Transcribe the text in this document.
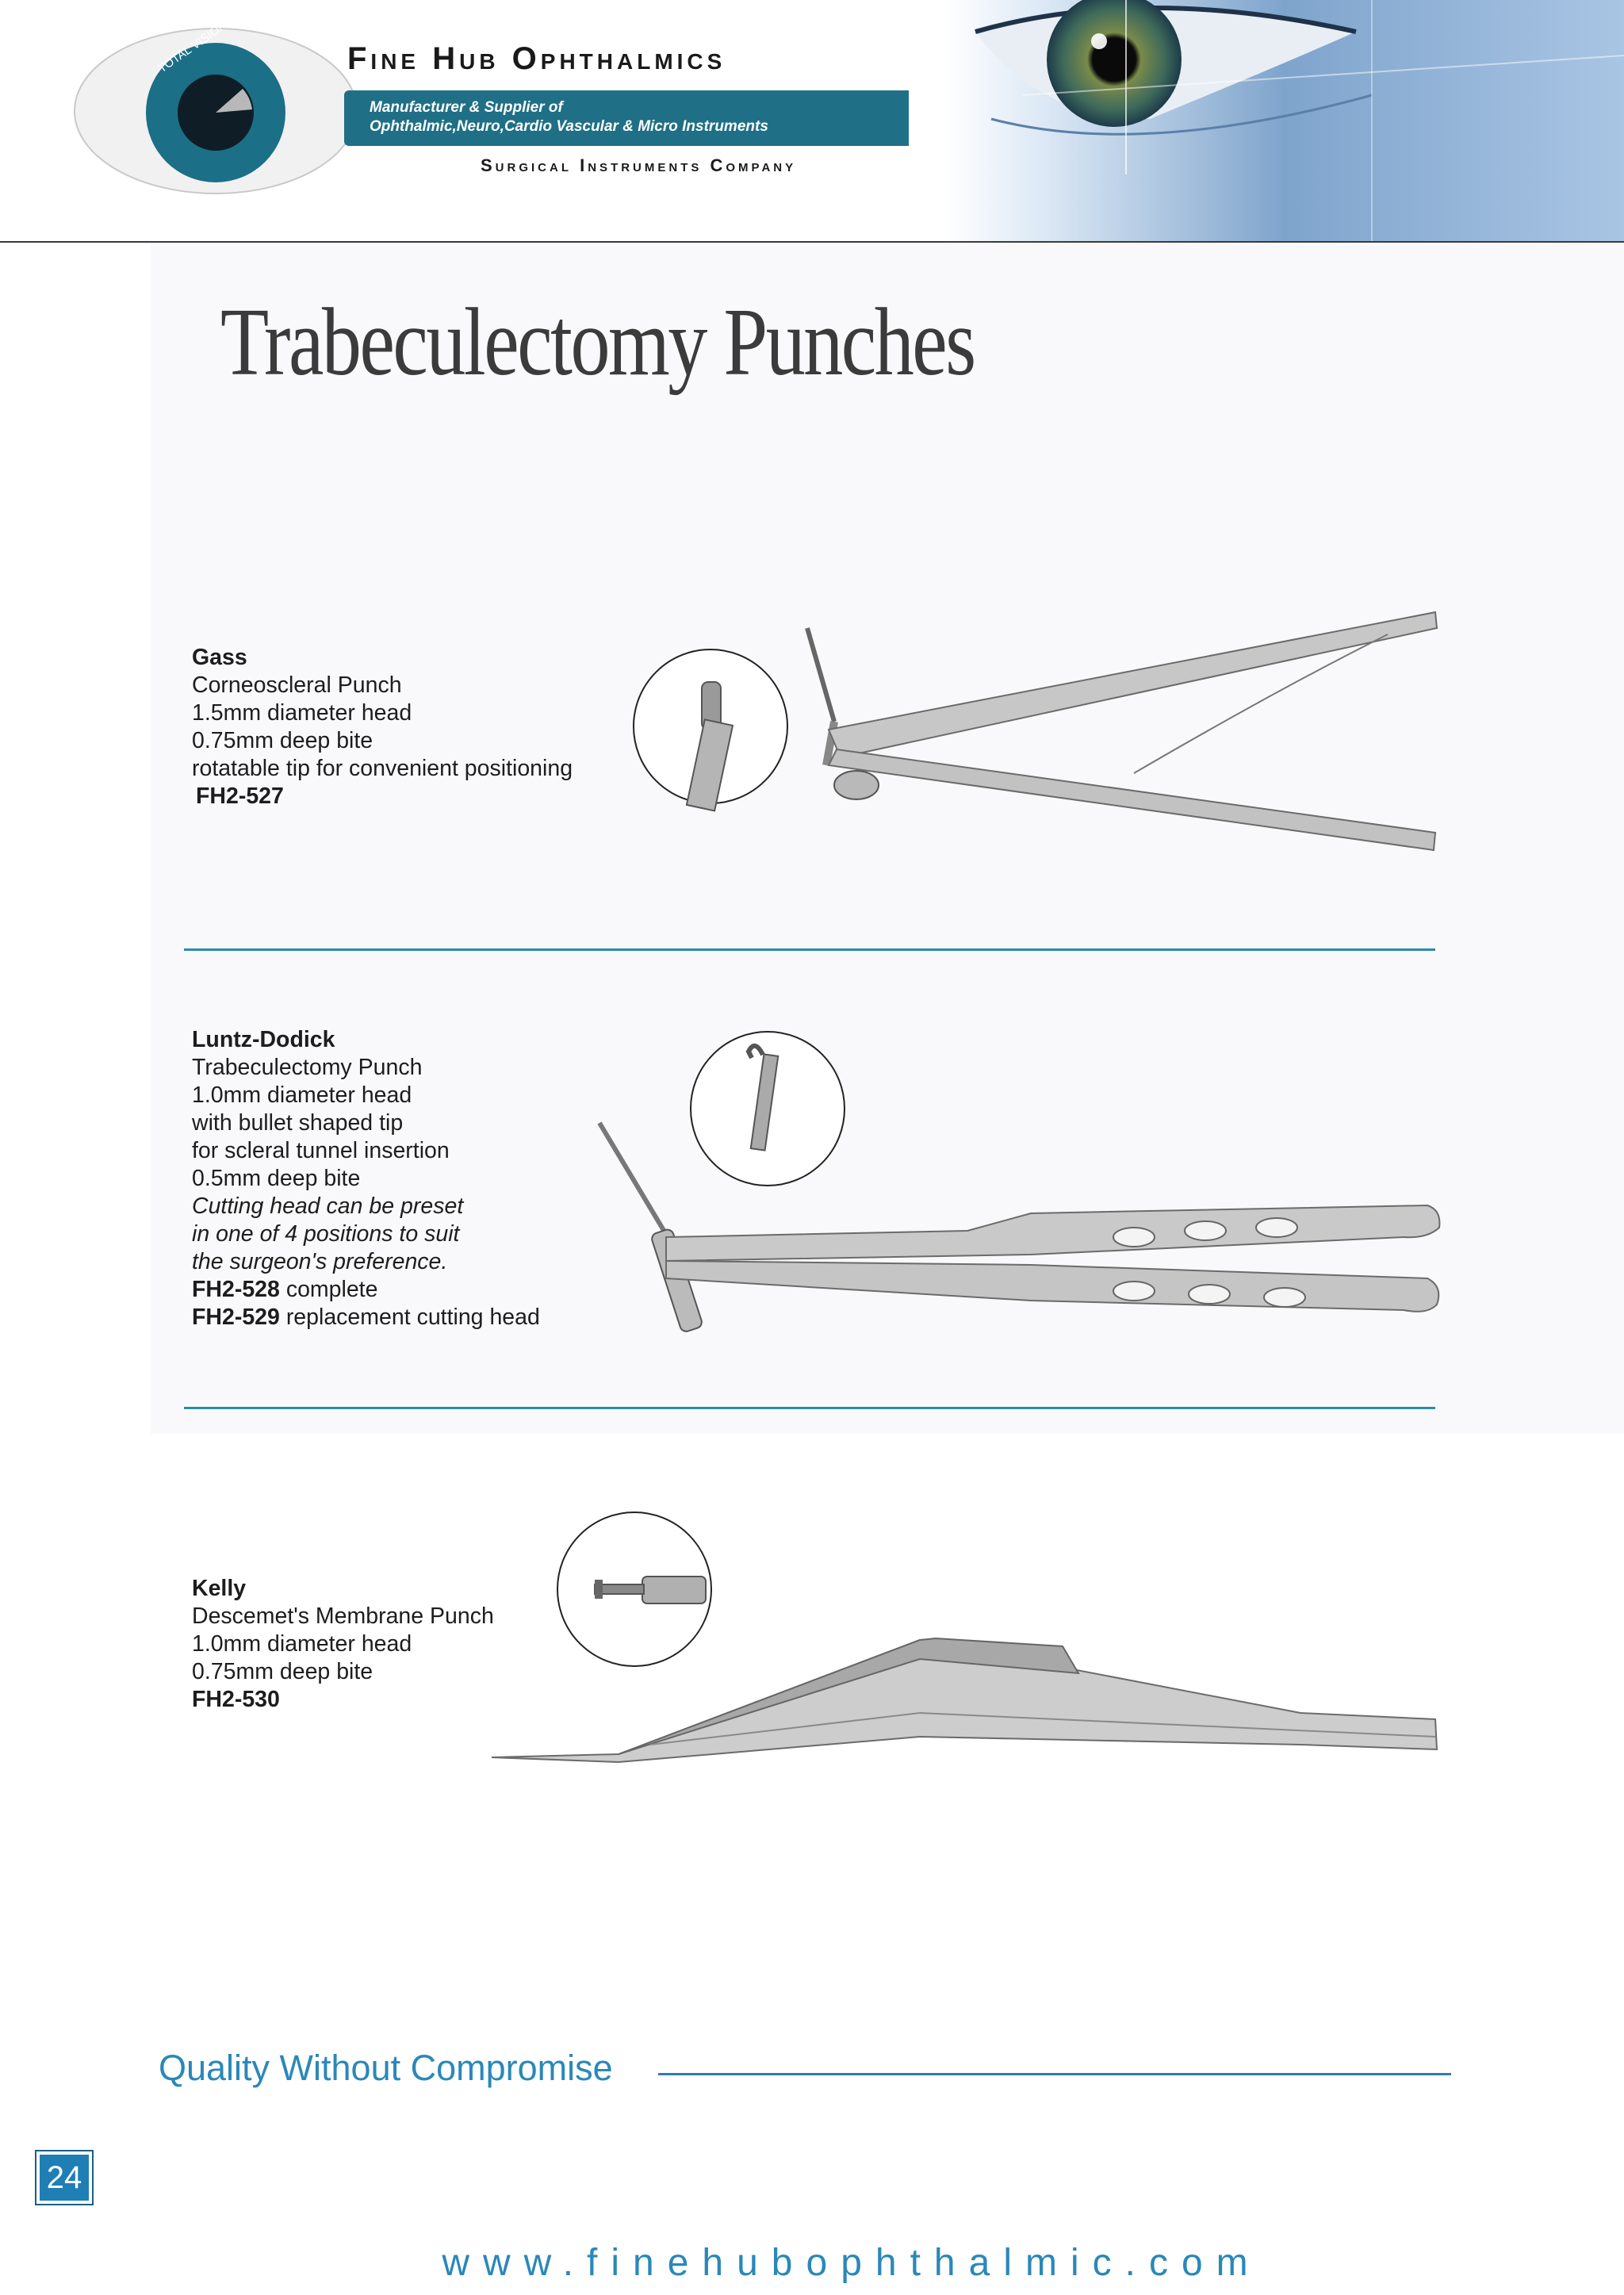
Fine Hub Ophthalmics
Manufacturer & Supplier of
Ophthalmic,Neuro,Cardio Vascular & Micro Instruments
Surgical Instruments Company
Trabeculectomy Punches
Gass
Corneoscleral Punch
1.5mm diameter head
0.75mm deep bite
rotatable tip for convenient positioning
FH2-527
Luntz-Dodick
Trabeculectomy Punch
1.0mm diameter head
with bullet shaped tip
for scleral tunnel insertion
0.5mm deep bite
Cutting head can be preset
in one of 4 positions to suit
the surgeon's preference.
FH2-528 complete
FH2-529 replacement cutting head
Kelly
Descemet's Membrane Punch
1.0mm diameter head
0.75mm deep bite
FH2-530
Quality Without Compromise
24
www.finehubophthalmic.com
